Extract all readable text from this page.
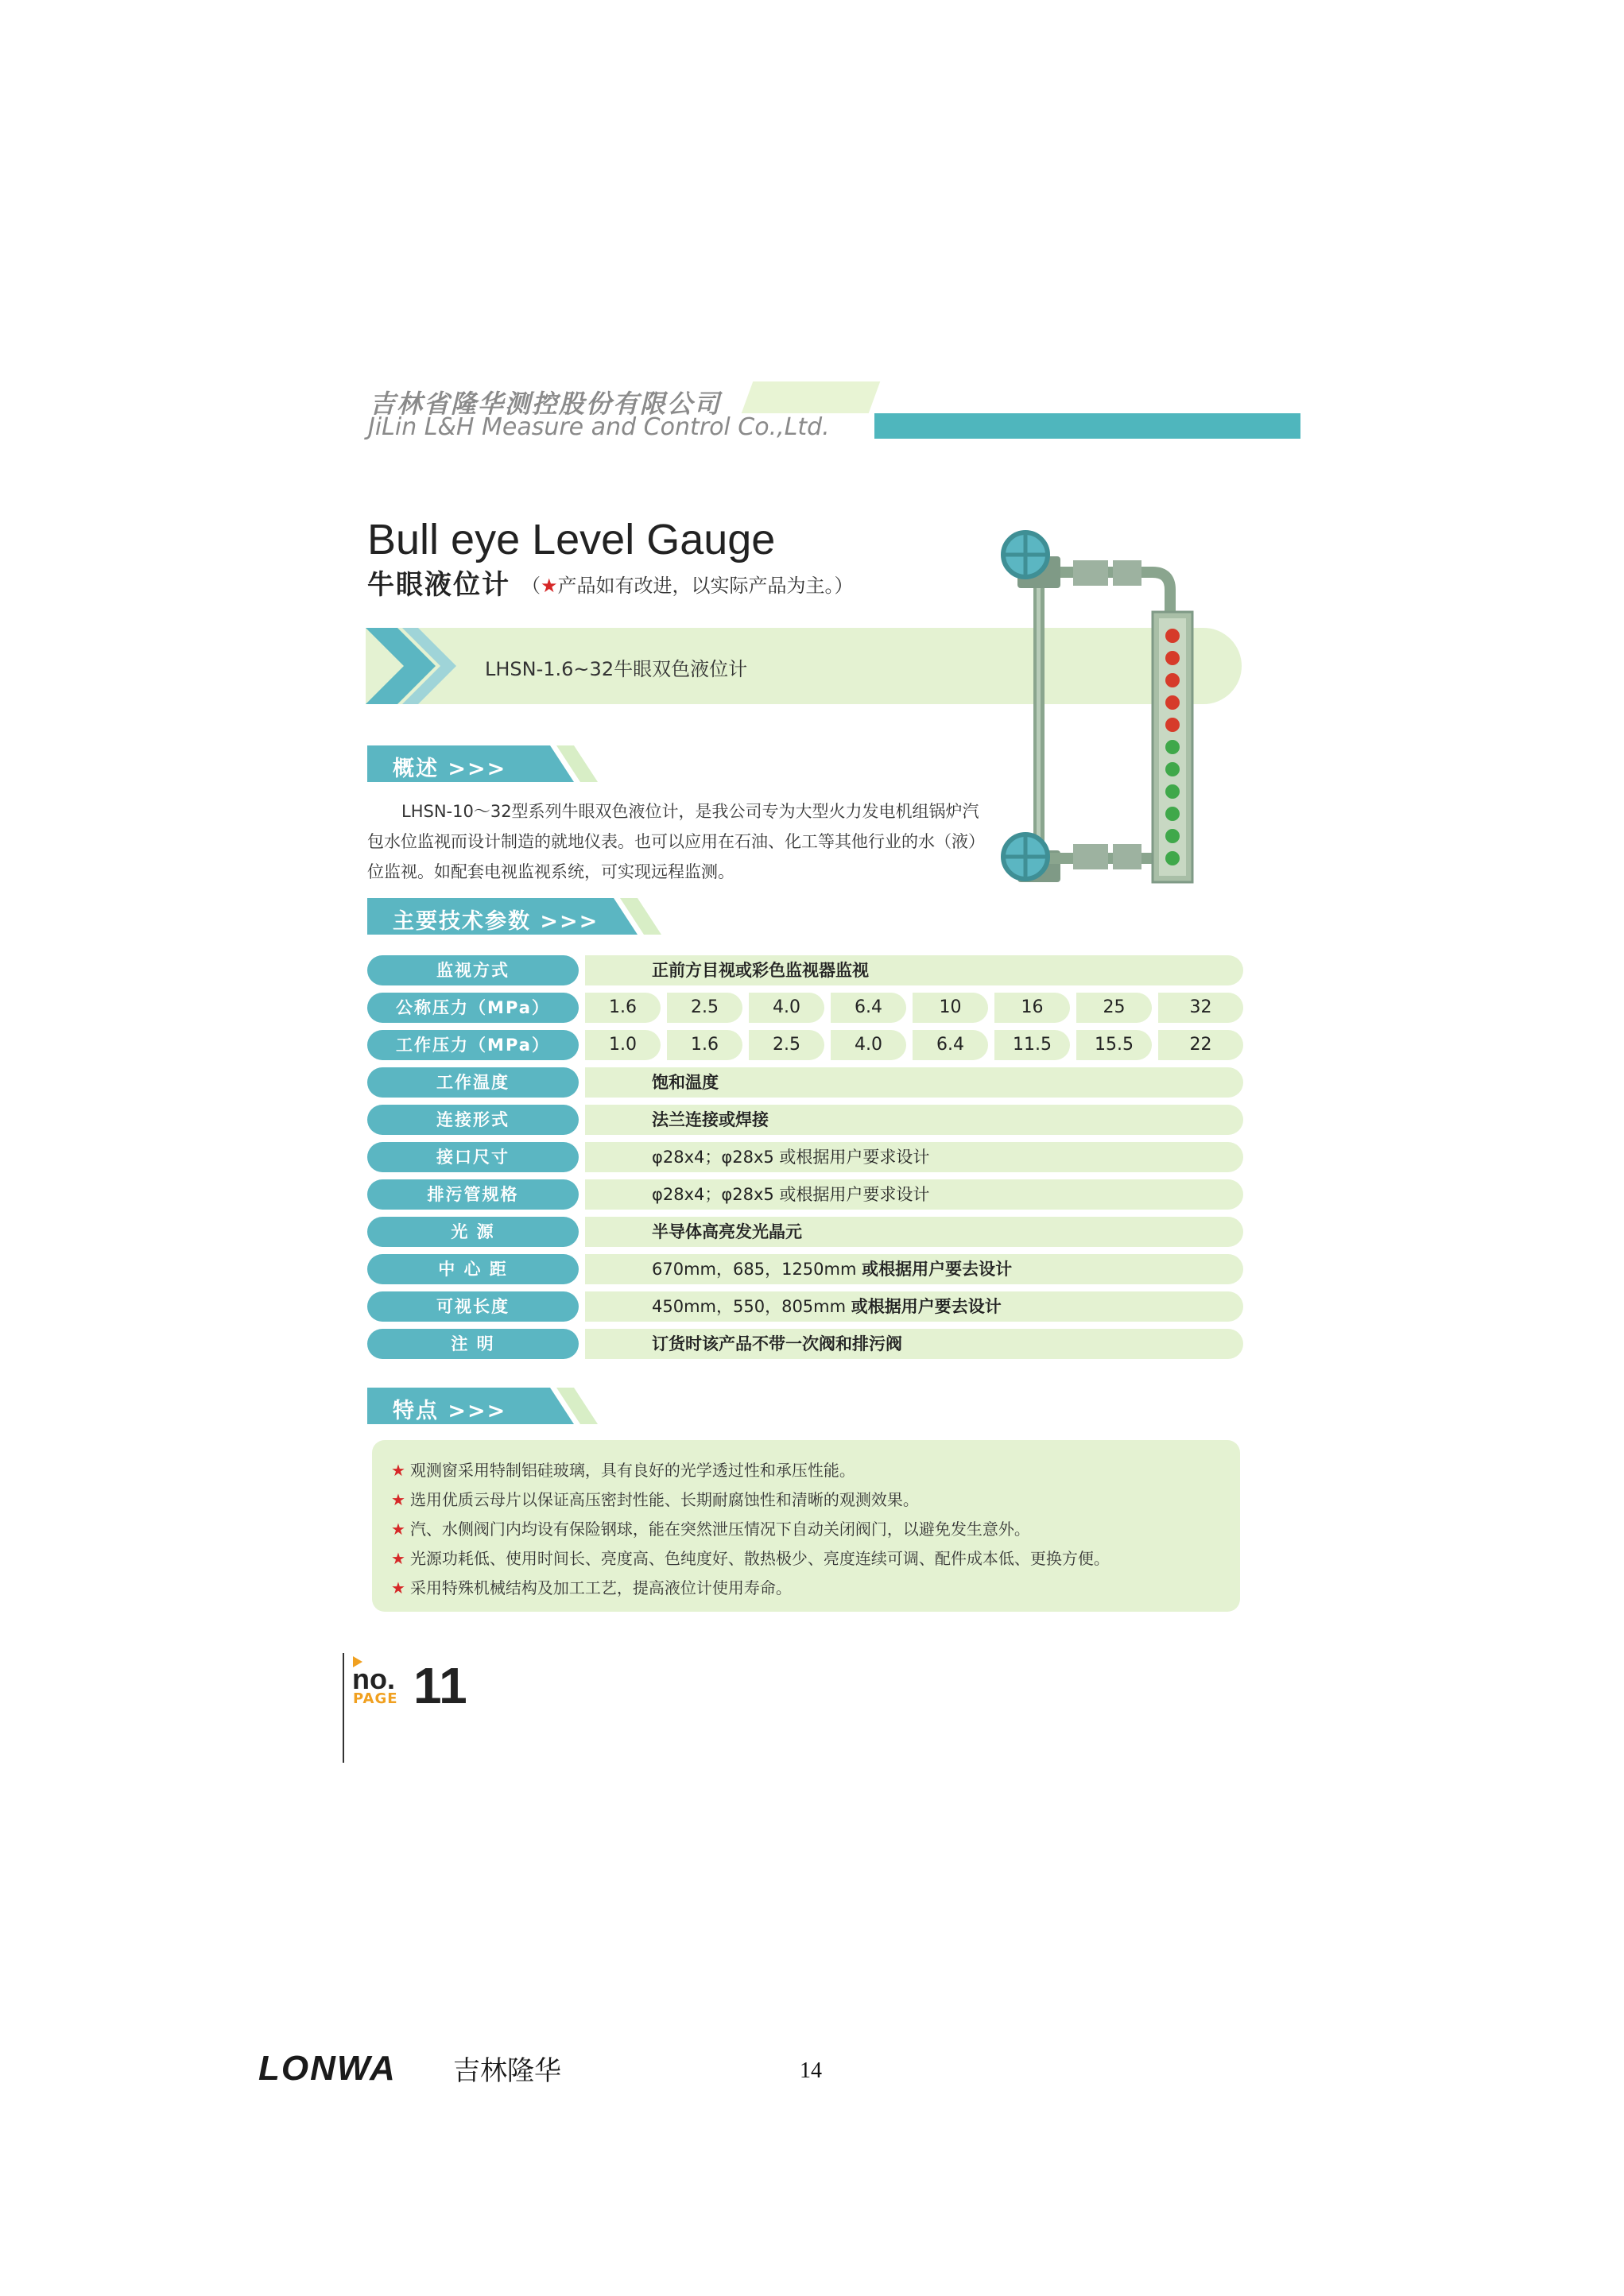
吉林省隆华测控股份有限公司
JiLin L&H Measure and Control Co.,Ltd.
Bull eye Level Gauge
牛眼液位计 （★产品如有改进，以实际产品为主。）
LHSN-1.6~32牛眼双色液位计
概述 >>>

LHSN-10～32型系列牛眼双色液位计，是我公司专为大型火力发电机组锅炉汽包水位监视而设计制造的就地仪表。也可以应用在石油、化工等其他行业的水（液）位监视。如配套电视监视系统，可实现远程监测。

主要技术参数 >>>
监视方式	正前方目视或彩色监视器监视
公称压力（MPa）	1.6	2.5	4.0	6.4	10	16	25	32
工作压力（MPa）	1.0	1.6	2.5	4.0	6.4	11.5	15.5	22
工作温度	饱和温度
连接形式	法兰连接或焊接
接口尺寸	φ28x4；φ28x5 或根据用户要求设计
排污管规格	φ28x4；φ28x5 或根据用户要求设计
光 源	半导体高亮发光晶元
中 心 距	670mm，685，1250mm 或根据用户要去设计
可视长度	450mm，550，805mm 或根据用户要去设计
注 明	订货时该产品不带一次阀和排污阀
特点 >>>
★ 观测窗采用特制铝硅玻璃，具有良好的光学透过性和承压性能。
★ 选用优质云母片以保证高压密封性能、长期耐腐蚀性和清晰的观测效果。
★ 汽、水侧阀门内均设有保险钢球，能在突然泄压情况下自动关闭阀门，以避免发生意外。
★ 光源功耗低、使用时间长、亮度高、色纯度好、散热极少、亮度连续可调、配件成本低、更换方便。
★ 采用特殊机械结构及加工工艺，提高液位计使用寿命。
no.
PAGE 11
LONWA 吉林隆华	14
